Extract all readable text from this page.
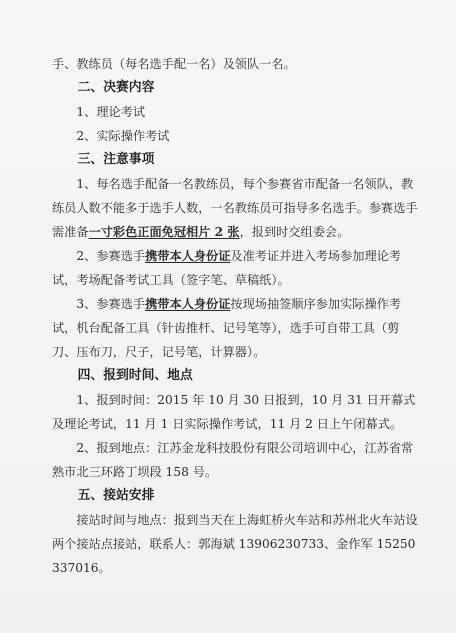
手、教练员（每名选手配一名）及领队一名。

二、决赛内容

1、理论考试

2、实际操作考试

三、注意事项

1、每名选手配备一名教练员，每个参赛省市配备一名领队，教练员人数不能多于选手人数，一名教练员可指导多名选手。参赛选手需准备一寸彩色正面免冠相片 2 张，报到时交组委会。

2、参赛选手携带本人身份证及准考证并进入考场参加理论考试，考场配备考试工具（签字笔、草稿纸）。

3、参赛选手携带本人身份证按现场抽签顺序参加实际操作考试，机台配备工具（针齿推杆、记号笔等），选手可自带工具（剪刀、压布刀，尺子，记号笔，计算器）。

四、报到时间、地点

1、报到时间：2015 年 10 月 30 日报到，10 月 31 日开幕式及理论考试，11 月 1 日实际操作考试，11 月 2 日上午闭幕式。

2、报到地点：江苏金龙科技股份有限公司培训中心，江苏省常熟市北三环路丁坝段 158 号。

五、接站安排

接站时间与地点：报到当天在上海虹桥火车站和苏州北火车站设两个接站点接站，联系人：郭海斌 13906230733、金作军 15250337016。
